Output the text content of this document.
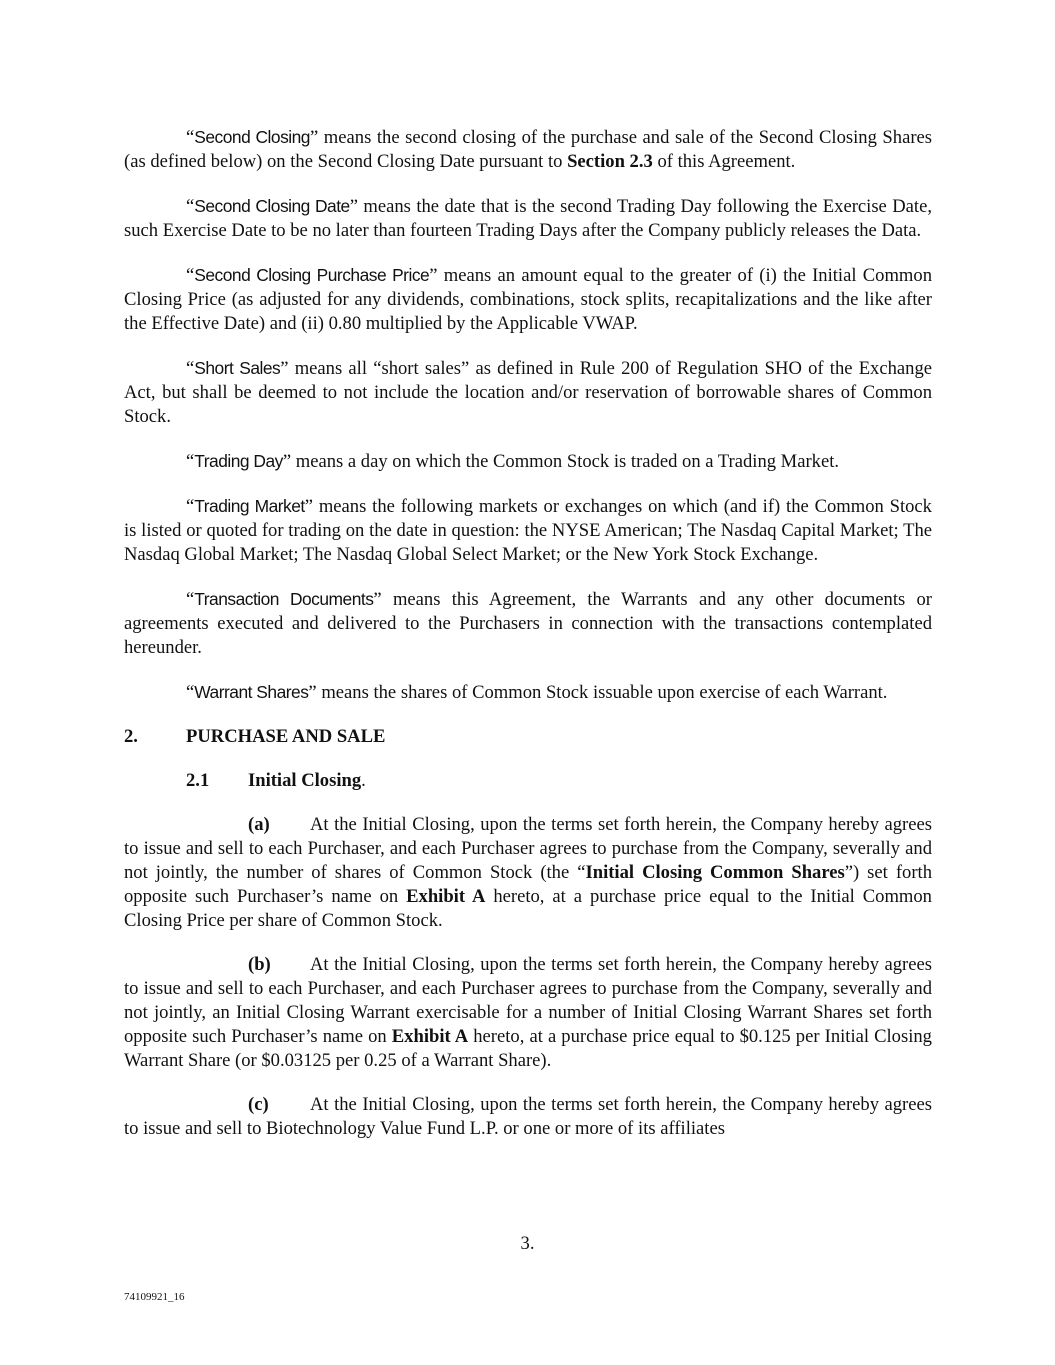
“Second Closing” means the second closing of the purchase and sale of the Second Closing Shares (as defined below) on the Second Closing Date pursuant to Section 2.3 of this Agreement.

“Second Closing Date” means the date that is the second Trading Day following the Exercise Date, such Exercise Date to be no later than fourteen Trading Days after the Company publicly releases the Data.

“Second Closing Purchase Price” means an amount equal to the greater of (i) the Initial Common Closing Price (as adjusted for any dividends, combinations, stock splits, recapitalizations and the like after the Effective Date) and (ii) 0.80 multiplied by the Applicable VWAP.

“Short Sales” means all “short sales” as defined in Rule 200 of Regulation SHO of the Exchange Act, but shall be deemed to not include the location and/or reservation of borrowable shares of Common Stock.

“Trading Day” means a day on which the Common Stock is traded on a Trading Market.

“Trading Market” means the following markets or exchanges on which (and if) the Common Stock is listed or quoted for trading on the date in question: the NYSE American; The Nasdaq Capital Market; The Nasdaq Global Market; The Nasdaq Global Select Market; or the New York Stock Exchange.

“Transaction Documents” means this Agreement, the Warrants and any other documents or agreements executed and delivered to the Purchasers in connection with the transactions contemplated hereunder.

“Warrant Shares” means the shares of Common Stock issuable upon exercise of each Warrant.

2.	PURCHASE AND SALE

2.1 Initial Closing.

(a) At the Initial Closing, upon the terms set forth herein, the Company hereby agrees to issue and sell to each Purchaser, and each Purchaser agrees to purchase from the Company, severally and not jointly, the number of shares of Common Stock (the “Initial Closing Common Shares”) set forth opposite such Purchaser’s name on Exhibit A hereto, at a purchase price equal to the Initial Common Closing Price per share of Common Stock.

(b) At the Initial Closing, upon the terms set forth herein, the Company hereby agrees to issue and sell to each Purchaser, and each Purchaser agrees to purchase from the Company, severally and not jointly, an Initial Closing Warrant exercisable for a number of Initial Closing Warrant Shares set forth opposite such Purchaser’s name on Exhibit A hereto, at a purchase price equal to $0.125 per Initial Closing Warrant Share (or $0.03125 per 0.25 of a Warrant Share).

(c) At the Initial Closing, upon the terms set forth herein, the Company hereby agrees to issue and sell to Biotechnology Value Fund L.P. or one or more of its affiliates

3.
74109921_16
